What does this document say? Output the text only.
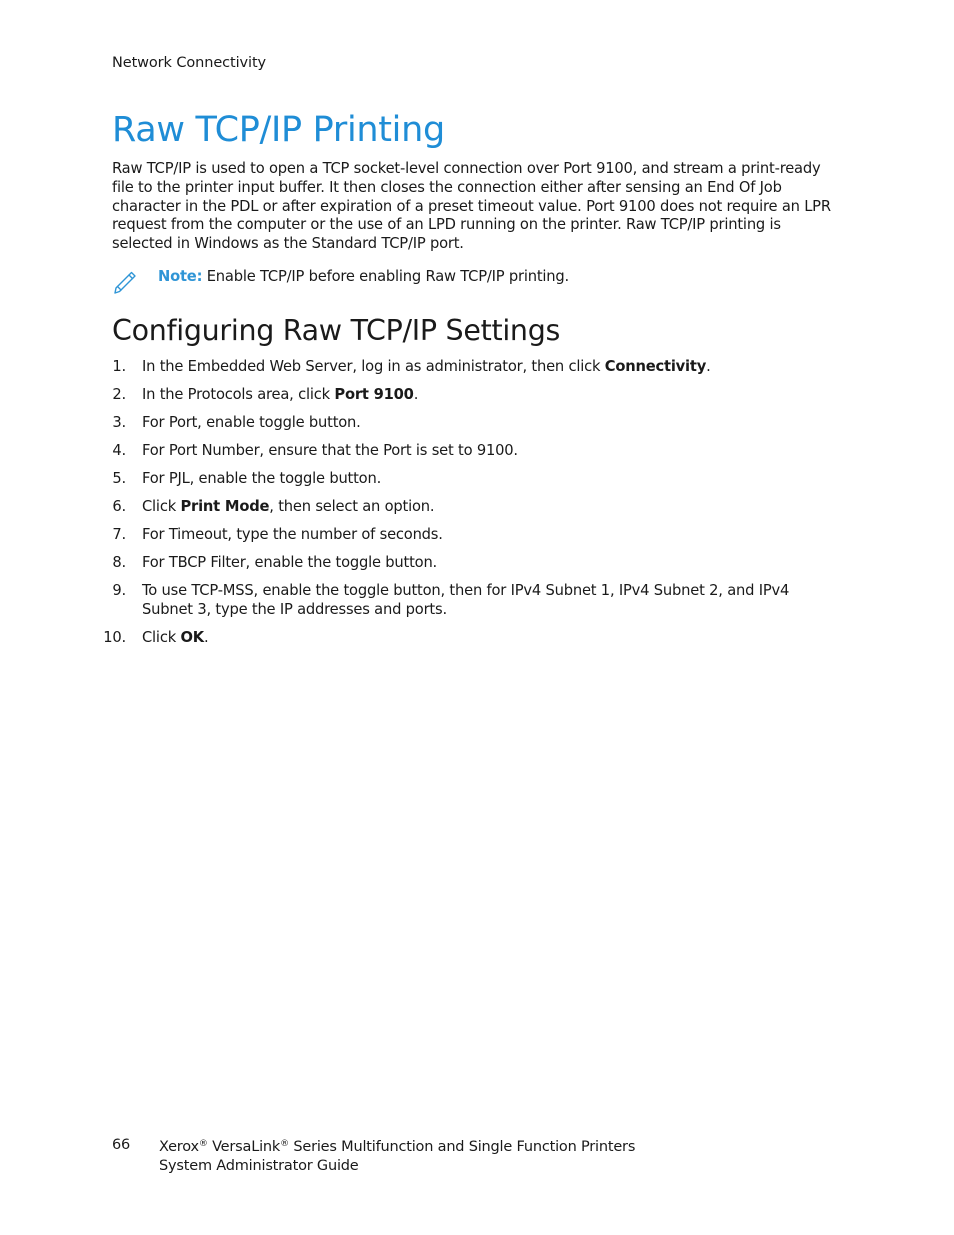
Network Connectivity
Raw TCP/IP Printing

Raw TCP/IP is used to open a TCP socket-level connection over Port 9100, and stream a print-ready file to the printer input buffer. It then closes the connection either after sensing an End Of Job character in the PDL or after expiration of a preset timeout value. Port 9100 does not require an LPR request from the computer or the use of an LPD running on the printer. Raw TCP/IP printing is selected in Windows as the Standard TCP/IP port.

Note: Enable TCP/IP before enabling Raw TCP/IP printing.
Configuring Raw TCP/IP Settings
1. In the Embedded Web Server, log in as administrator, then click Connectivity.
2. In the Protocols area, click Port 9100.
3. For Port, enable toggle button.
4. For Port Number, ensure that the Port is set to 9100.
5. For PJL, enable the toggle button.
6. Click Print Mode, then select an option.
7. For Timeout, type the number of seconds.
8. For TBCP Filter, enable the toggle button.
9. To use TCP-MSS, enable the toggle button, then for IPv4 Subnet 1, IPv4 Subnet 2, and IPv4 Subnet 3, type the IP addresses and ports.
10. Click OK.
66 Xerox® VersaLink® Series Multifunction and Single Function Printers
System Administrator Guide
